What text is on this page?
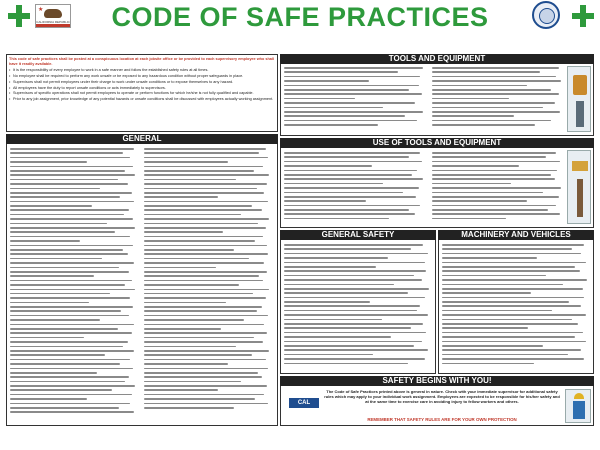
★
CALIFORNIA REPUBLIC	CODE OF SAFE PRACTICES
This code of safe practices shall be posted at a conspicuous location at each jobsite office or be provided to each supervisory employee who shall have it readily available.

• It is the responsibility of every employee to work in a safe manner and follow the established safety rules at all times.

• No employee shall be required to perform any work unsafe or be exposed to any hazardous condition without proper safeguards in place.

• Supervisors shall not permit employees under their charge to work under unsafe conditions or to expose themselves to any hazard.

• All employees have the duty to report unsafe conditions or acts immediately to supervisors.

• Supervisors of specific operations shall not permit employees to operate or perform functions for which he/she is not fully qualified and capable.

• Prior to any job assignment, prior knowledge of any potential hazards or unsafe conditions shall be discussed with employees actually working assignment.

TOOLS AND EQUIPMENT
GENERAL	USE OF TOOLS AND EQUIPMENT
GENERAL SAFETY	MACHINERY AND VEHICLES
SAFETY BEGINS WITH YOU!
CAL OSHA
The Code of Safe Practices printed above is general in nature. Check with your immediate supervisor for additional safety rules which may apply to your individual work assignment. Employees are expected to be responsible for his/her safety and at the same time to exercise care in avoiding injury to fellow workers and others.
REMEMBER THAT SAFETY RULES ARE FOR YOUR OWN PROTECTION
